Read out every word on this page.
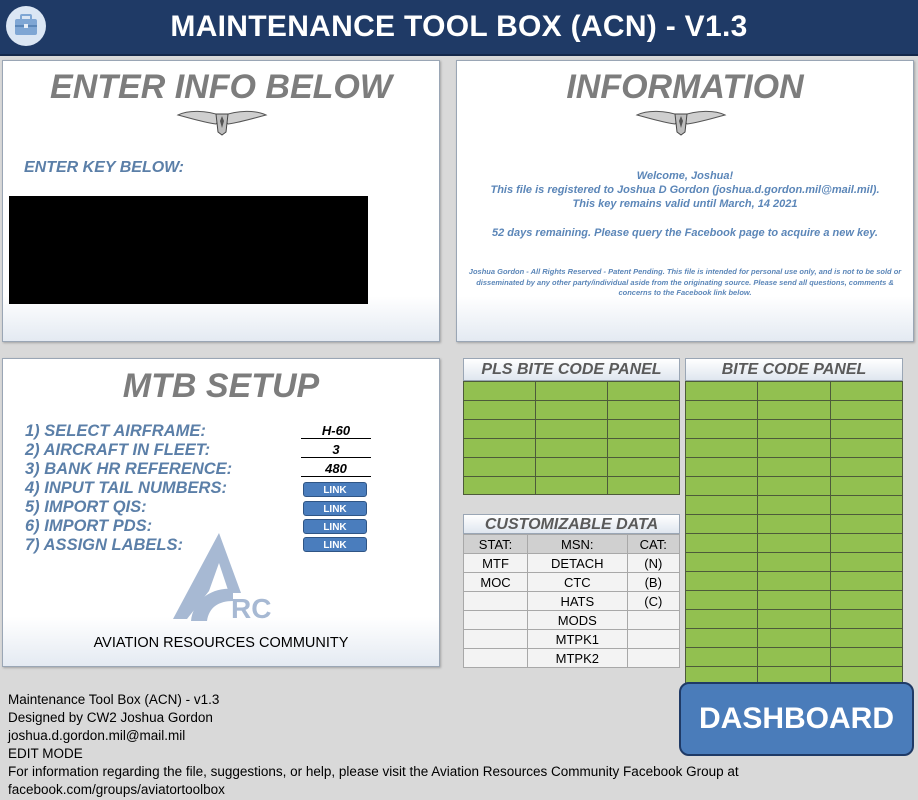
MAINTENANCE TOOL BOX (ACN) - V1.3
ENTER INFO BELOW
ENTER KEY BELOW:
INFORMATION
Welcome, Joshua!
This file is registered to Joshua D Gordon (joshua.d.gordon.mil@mail.mil).
This key remains valid until March, 14 2021
52 days remaining. Please query the Facebook page to acquire a new key.
Joshua Gordon - All Rights Reserved - Patent Pending. This file is intended for personal use only, and is not to be sold or disseminated by any other party/individual aside from the originating source. Please send all questions, comments & concerns to the Facebook link below.
MTB SETUP
1) SELECT AIRFRAME:	H-60
2) AIRCRAFT IN FLEET:	3
3) BANK HR REFERENCE:	480
4) INPUT TAIL NUMBERS:	LINK
5) IMPORT QIS:	LINK
6) IMPORT PDS:	LINK
7) ASSIGN LABELS:	LINK
RC
AVIATION RESOURCES COMMUNITY
PLS BITE CODE PANEL

			BITE CODE PANEL

CUSTOMIZABLE DATA
STAT:	MSN:	CAT:
MTF	DETACH	(N)
MOC	CTC	(B)
	HATS	(C)
	MODS	
	MTPK1	
	MTPK2	
Maintenance Tool Box (ACN) - v1.3
Designed by CW2 Joshua Gordon
joshua.d.gordon.mil@mail.mil
EDIT MODE
For information regarding the file, suggestions, or help, please visit the Aviation Resources Community Facebook Group at
facebook.com/groups/aviatortoolbox
DASHBOARD
